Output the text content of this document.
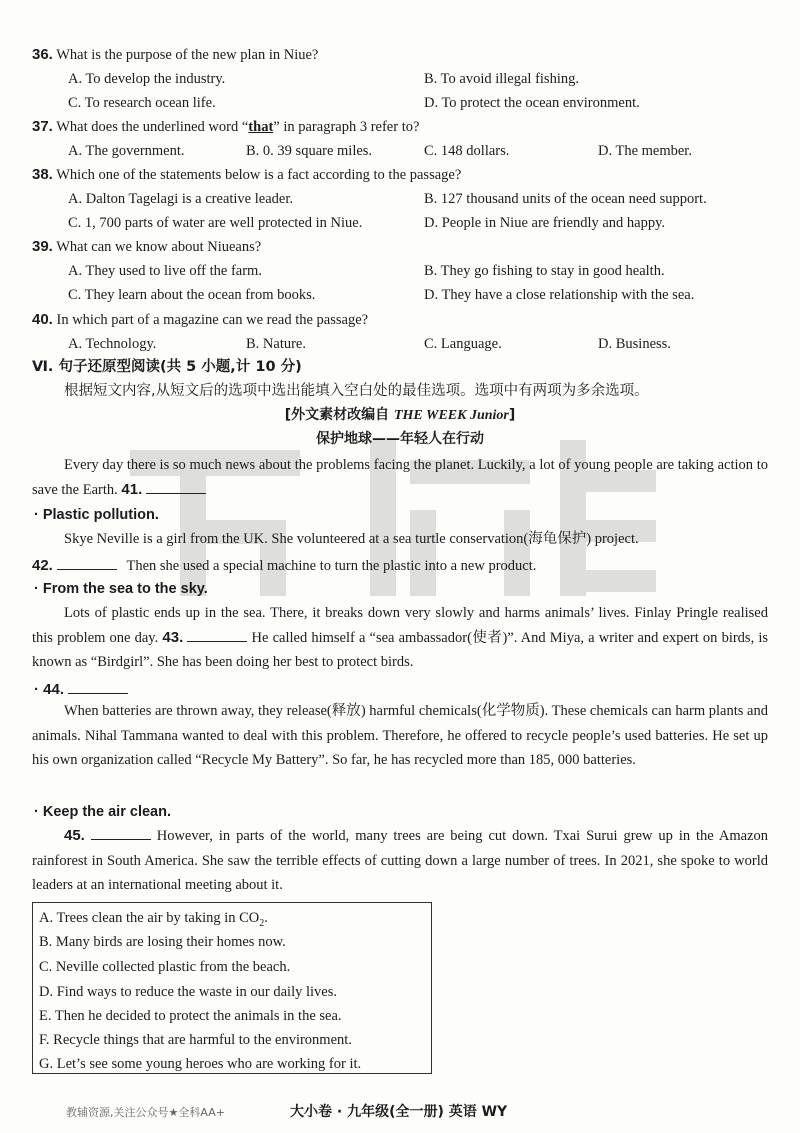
36. What is the purpose of the new plan in Niue?
A. To develop the industry.	B. To avoid illegal fishing.
C. To research ocean life.	D. To protect the ocean environment.
37. What does the underlined word “that” in paragraph 3 refer to?
A. The government.	B. 0. 39 square miles.	C. 148 dollars.	D. The member.
38. Which one of the statements below is a fact according to the passage?
A. Dalton Tagelagi is a creative leader.	B. 127 thousand units of the ocean need support.
C. 1, 700 parts of water are well protected in Niue.	D. People in Niue are friendly and happy.
39. What can we know about Niueans?
A. They used to live off the farm.	B. They go fishing to stay in good health.
C. They learn about the ocean from books.	D. They have a close relationship with the sea.
40. In which part of a magazine can we read the passage?
A. Technology.	B. Nature.	C. Language.	D. Business.
Ⅵ. 句子还原型阅读(共 5 小题,计 10 分)
根据短文内容,从短文后的选项中选出能填入空白处的最佳选项。选项中有两项为多余选项。
[外文素材改编自 THE WEEK Junior]
保护地球——年轻人在行动
Every day there is so much news about the problems facing the planet. Luckily, a lot of young people are taking action to save the Earth. 41.
· Plastic pollution.
Skye Neville is a girl from the UK. She volunteered at a sea turtle conservation(海龟保护) project.
42.	Then she used a special machine to turn the plastic into a new product.
· From the sea to the sky.
Lots of plastic ends up in the sea. There, it breaks down very slowly and harms animals’ lives. Finlay Pringle realised this problem one day. 43.	He called himself a “sea ambassador(使者)”. And Miya, a writer and expert on birds, is known as “Birdgirl”. She has been doing her best to protect birds.
· 44.
When batteries are thrown away, they release(释放) harmful chemicals(化学物质). These chemicals can harm plants and animals. Nihal Tammana wanted to deal with this problem. Therefore, he offered to recycle people’s used batteries. He set up his own organization called “Recycle My Battery”. So far, he has recycled more than 185, 000 batteries.
· Keep the air clean.
45.	However, in parts of the world, many trees are being cut down. Txai Surui grew up in the Amazon rainforest in South America. She saw the terrible effects of cutting down a large number of trees. In 2021, she spoke to world leaders at an international meeting about it.
A. Trees clean the air by taking in $CO_2$.
B. Many birds are losing their homes now.
C. Neville collected plastic from the beach.
D. Find ways to reduce the waste in our daily lives.
E. Then he decided to protect the animals in the sea.
F. Recycle things that are harmful to the environment.
G. Let’s see some young heroes who are working for it.
教辅资源,关注公众号★全科AA+	大小卷 · 九年级(全一册) 英语 WY
